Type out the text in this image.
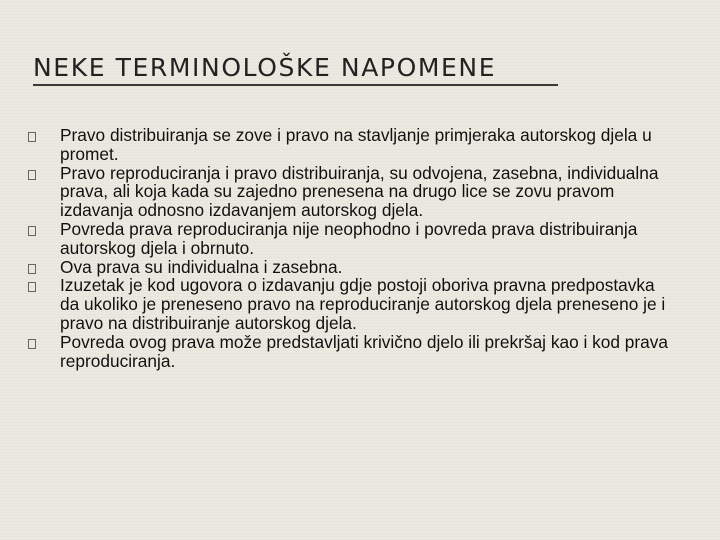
NEKE TERMINOLOŠKE NAPOMENE
Pravo distribuiranja se zove i pravo na stavljanje primjeraka autorskog djela u promet.
Pravo reproduciranja i pravo distribuiranja, su odvojena, zasebna, individualna prava, ali koja kada su zajedno prenesena na drugo lice se zovu pravom izdavanja odnosno izdavanjem autorskog djela.
Povreda prava reproduciranja nije neophodno i povreda prava distribuiranja autorskog djela i obrnuto.
Ova prava su individualna i zasebna.
Izuzetak je kod ugovora o izdavanju gdje postoji oboriva pravna predpostavka da ukoliko je preneseno pravo na reproduciranje autorskog djela preneseno je i pravo na distribuiranje autorskog djela.
Povreda ovog prava može predstavljati krivično djelo ili prekršaj kao i kod prava reproduciranja.
